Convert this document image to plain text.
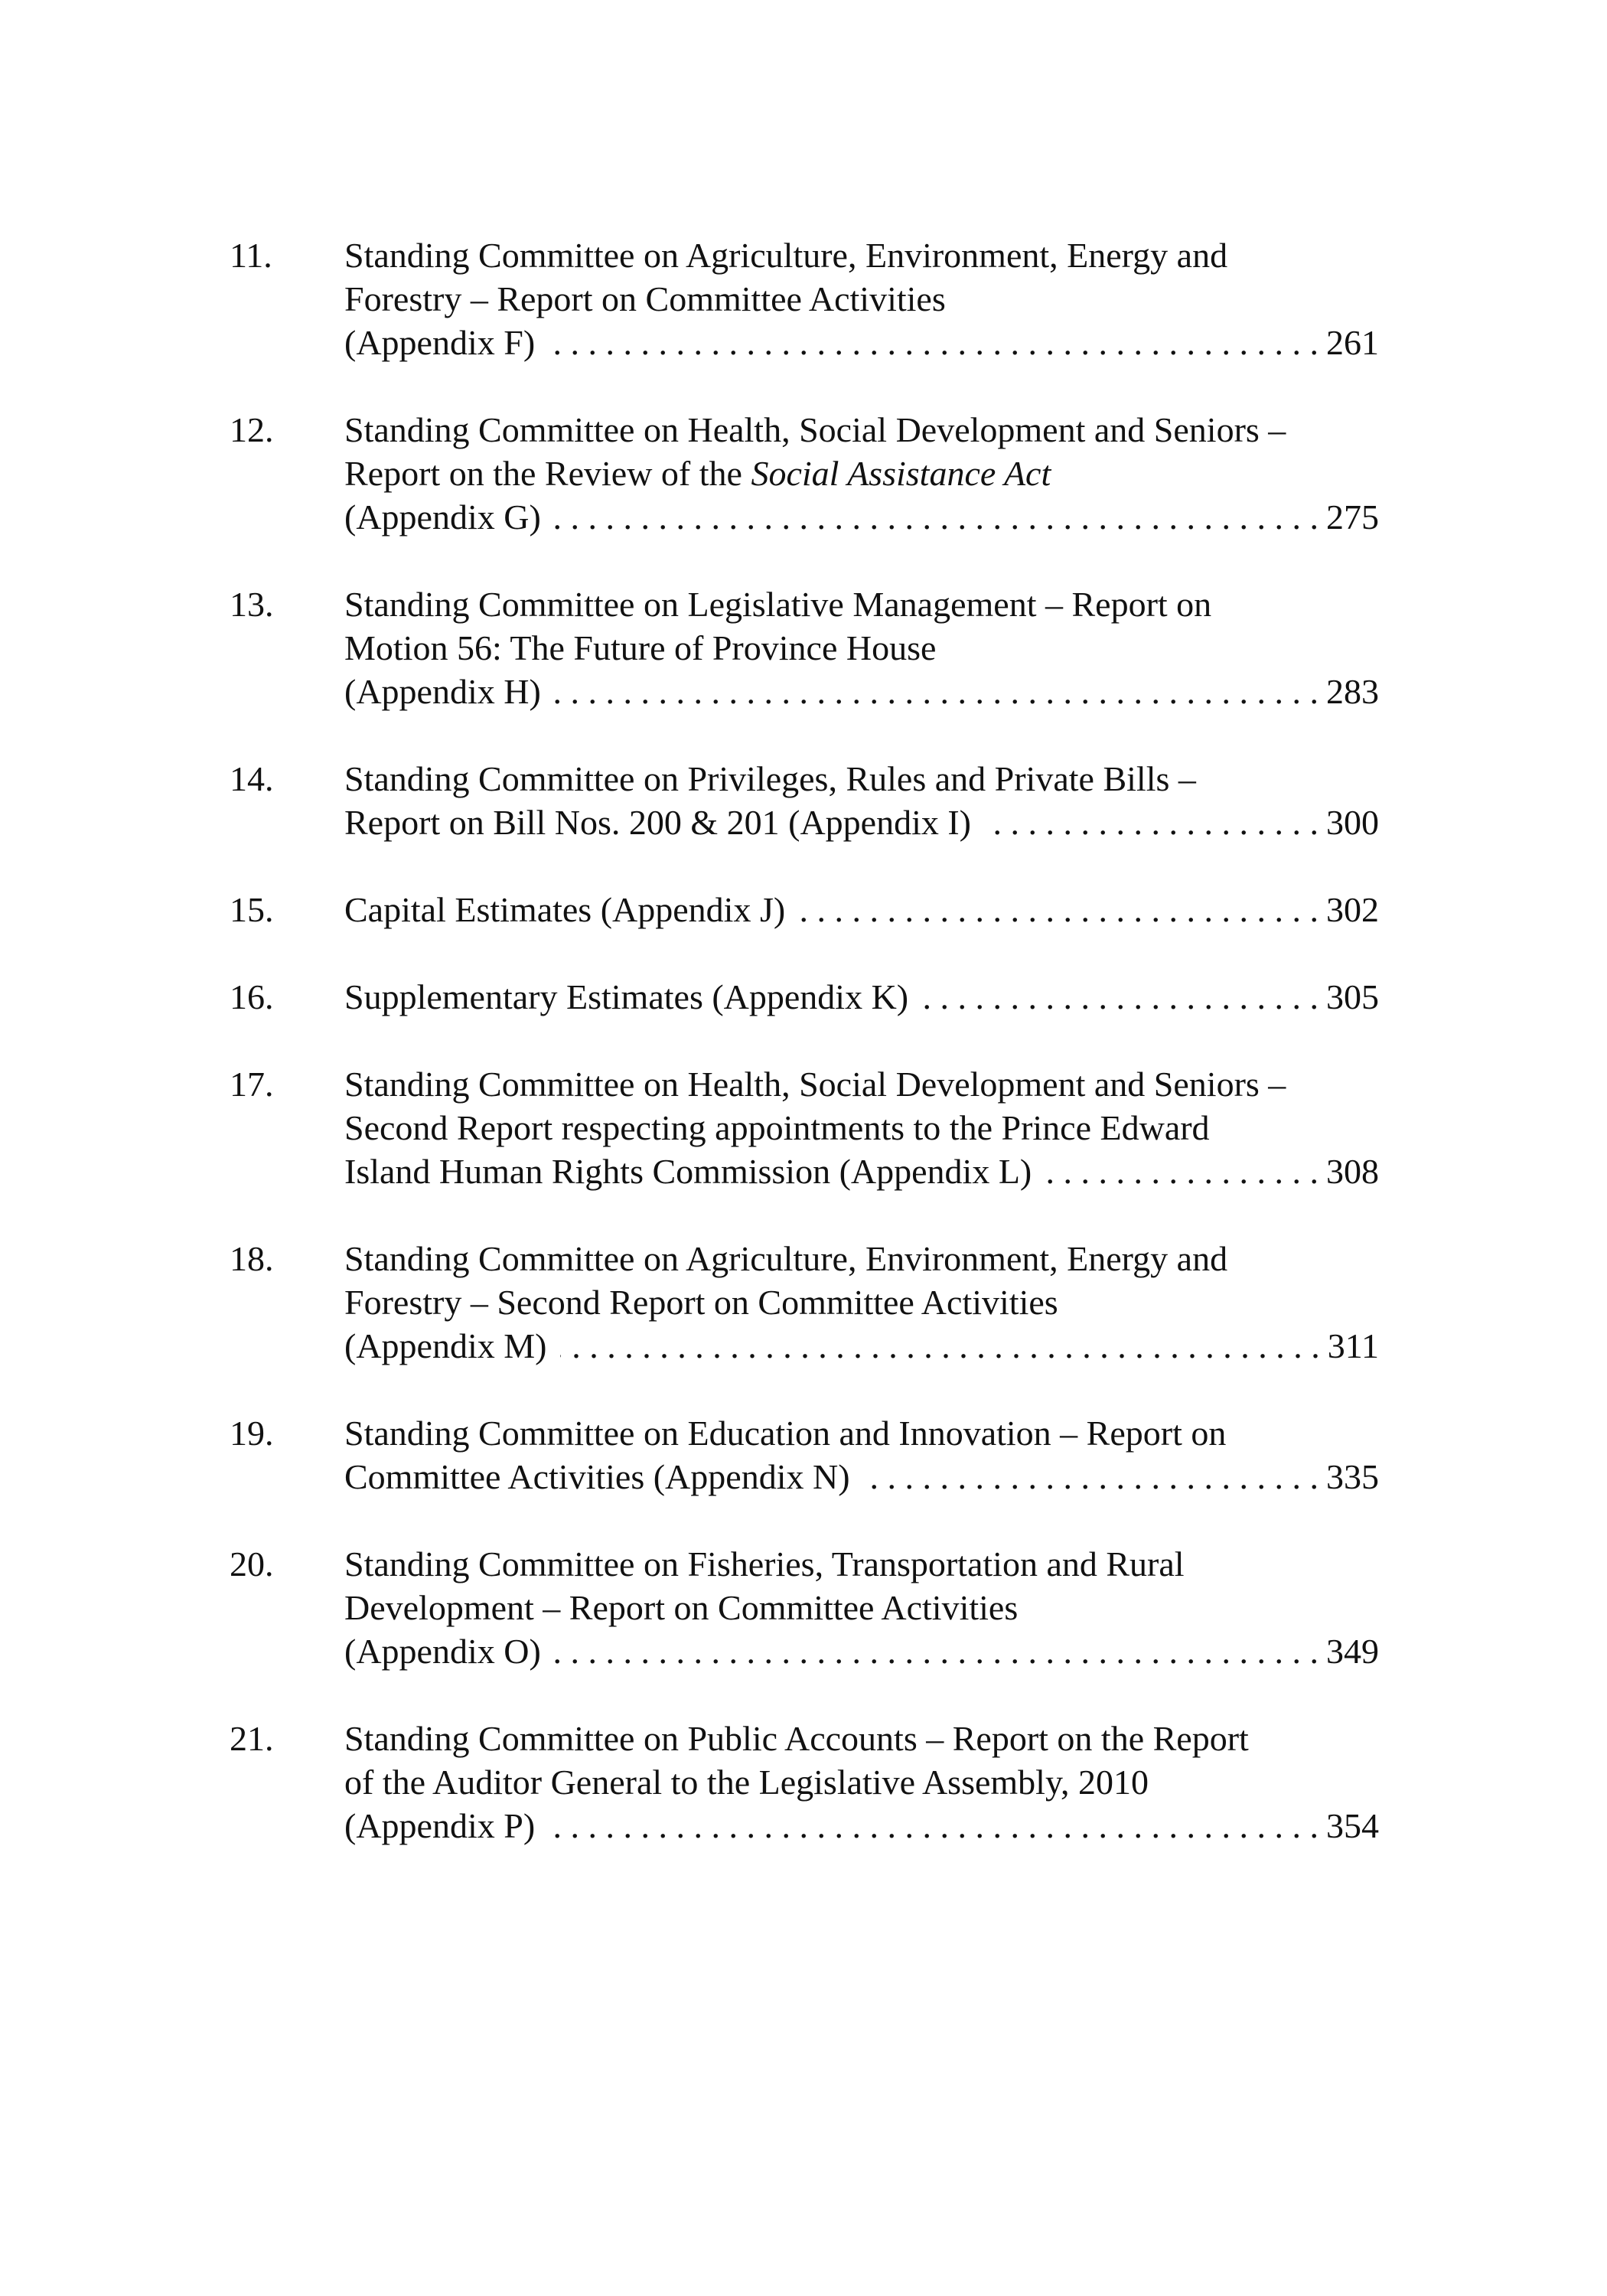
11.	Standing Committee on Agriculture, Environment, Energy and
Forestry – Report on Committee Activities
(Appendix F) . . .	261
12.	Standing Committee on Health, Social Development and Seniors –
Report on the Review of the Social Assistance Act
(Appendix G) . . .	275
13.	Standing Committee on Legislative Management – Report on
Motion 56: The Future of Province House
(Appendix H) . . .	283
14.	Standing Committee on Privileges, Rules and Private Bills –
Report on Bill Nos. 200 & 201 (Appendix I) . . .	300
15.	Capital Estimates (Appendix J) . . .	302
16.	Supplementary Estimates (Appendix K) . . .	305
17.	Standing Committee on Health, Social Development and Seniors –
Second Report respecting appointments to the Prince Edward
Island Human Rights Commission (Appendix L) . . .	308
18.	Standing Committee on Agriculture, Environment, Energy and
Forestry – Second Report on Committee Activities
(Appendix M) . . .	311
19.	Standing Committee on Education and Innovation – Report on
Committee Activities (Appendix N) . . .	335
20.	Standing Committee on Fisheries, Transportation and Rural
Development – Report on Committee Activities
(Appendix O) . . .	349
21.	Standing Committee on Public Accounts – Report on the Report
of the Auditor General to the Legislative Assembly, 2010
(Appendix P) . . .	354
